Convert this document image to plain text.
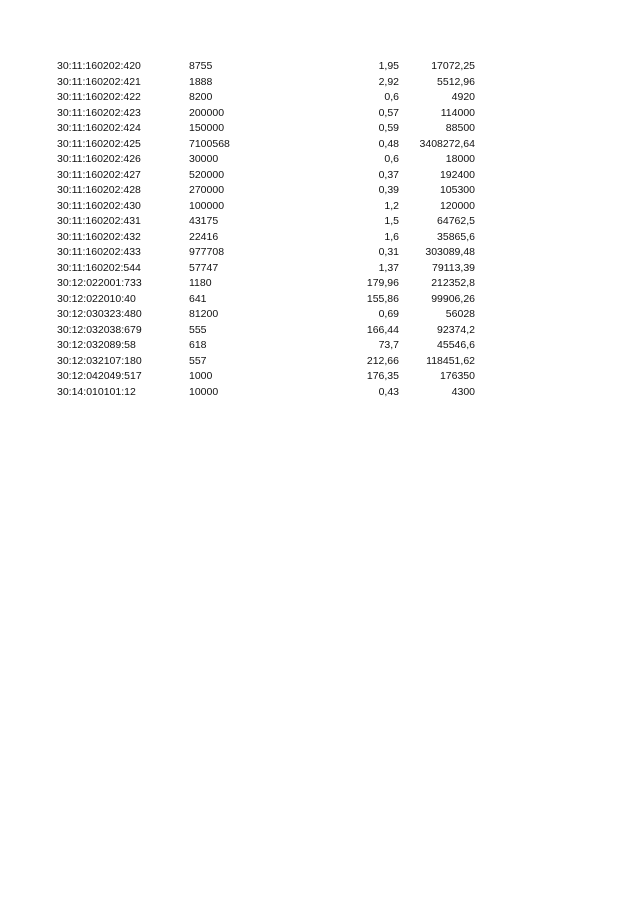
30:11:160202:420	8755	1,95	17072,25
30:11:160202:421	1888	2,92	5512,96
30:11:160202:422	8200	0,6	4920
30:11:160202:423	200000	0,57	114000
30:11:160202:424	150000	0,59	88500
30:11:160202:425	7100568	0,48	3408272,64
30:11:160202:426	30000	0,6	18000
30:11:160202:427	520000	0,37	192400
30:11:160202:428	270000	0,39	105300
30:11:160202:430	100000	1,2	120000
30:11:160202:431	43175	1,5	64762,5
30:11:160202:432	22416	1,6	35865,6
30:11:160202:433	977708	0,31	303089,48
30:11:160202:544	57747	1,37	79113,39
30:12:022001:733	1180	179,96	212352,8
30:12:022010:40	641	155,86	99906,26
30:12:030323:480	81200	0,69	56028
30:12:032038:679	555	166,44	92374,2
30:12:032089:58	618	73,7	45546,6
30:12:032107:180	557	212,66	118451,62
30:12:042049:517	1000	176,35	176350
30:14:010101:12	10000	0,43	4300
